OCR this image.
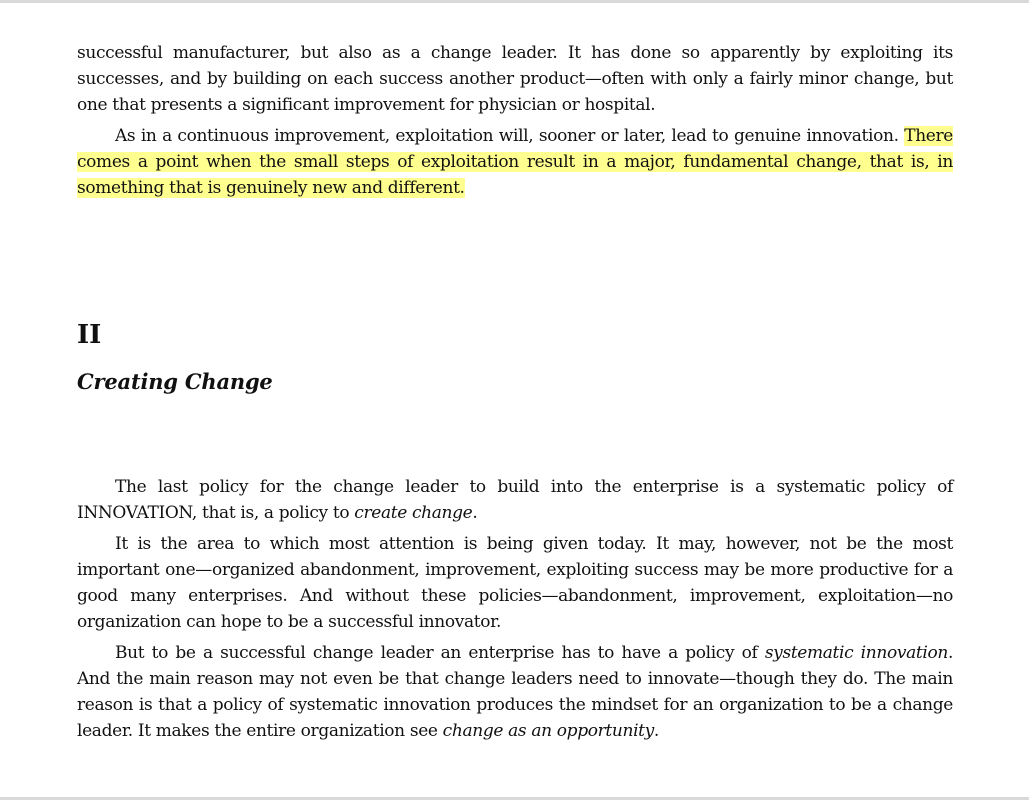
successful manufacturer, but also as a change leader. It has done so apparently by exploiting its successes, and by building on each success another product—often with only a fairly minor change, but one that presents a significant improvement for physician or hospital.

As in a continuous improvement, exploitation will, sooner or later, lead to genuine innovation. There comes a point when the small steps of exploitation result in a major, fundamental change, that is, in something that is genuinely new and different.

II
Creating Change

The last policy for the change leader to build into the enterprise is a systematic policy of INNOVATION, that is, a policy to create change.

It is the area to which most attention is being given today. It may, however, not be the most important one—organized abandonment, improvement, exploiting success may be more productive for a good many enterprises. And without these policies—abandonment, improvement, exploitation—no organization can hope to be a successful innovator.

But to be a successful change leader an enterprise has to have a policy of systematic innovation. And the main reason may not even be that change leaders need to innovate—though they do. The main reason is that a policy of systematic innovation produces the mindset for an organization to be a change leader. It makes the entire organization see change as an opportunity.
